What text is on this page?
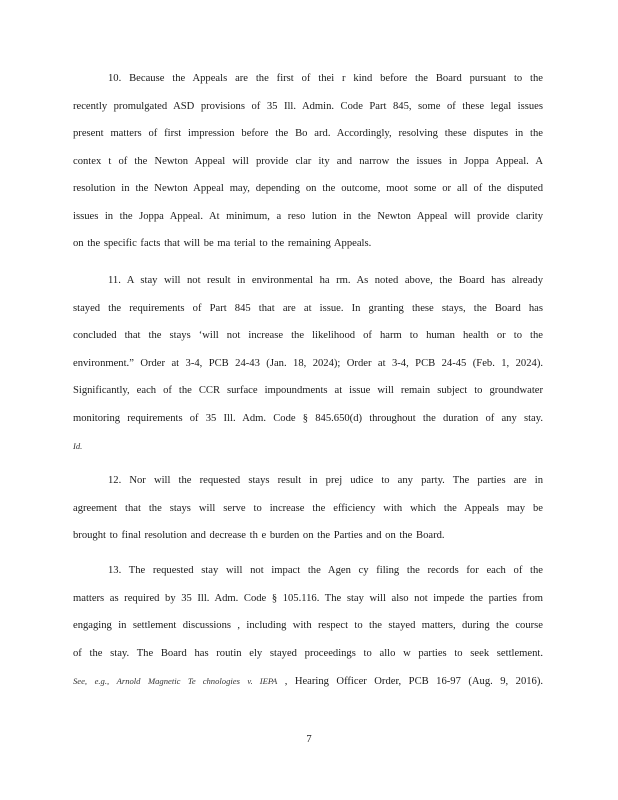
10. Because the Appeals are the first of thei r kind before the Board pursuant to the
recently promulgated ASD provisions of 35 Ill. Admin. Code Part 845, some of these legal issues
present matters of first impression before the Bo ard. Accordingly, resolving these disputes in the
contex t of the Newton Appeal will provide clar ity and narrow the issues in Joppa Appeal. A
resolution in the Newton Appeal may, depending on the outcome, moot some or all of the disputed
issues in the Joppa Appeal. At minimum, a reso lution in the Newton Appeal will provide clarity
on the specific facts that will be ma terial to the remaining Appeals.
11. A stay will not result in environmental ha rm. As noted above, the Board has already
stayed the requirements of Part 845 that are at issue. In granting these stays, the Board has
concluded that the stays ‘will not increase the likelihood of harm to human health or to the
environment.” Order at 3-4, PCB 24-43 (Jan. 18, 2024); Order at 3-4, PCB 24-45 (Feb. 1, 2024).
Significantly, each of the CCR surface impoundments at issue will remain subject to groundwater
monitoring requirements of 35 Ill. Adm. Code § 845.650(d) throughout the duration of any stay.
Id.
12. Nor will the requested stays result in prej udice to any party. The parties are in
agreement that the stays will serve to increase the efficiency with which the Appeals may be
brought to final resolution and decrease th e burden on the Parties and on the Board.
13. The requested stay will not impact the Agen cy filing the records for each of the
matters as required by 35 Ill. Adm. Code § 105.116. The stay will also not impede the parties from
engaging in settlement discussions , including with respect to the stayed matters, during the course
of the stay. The Board has routin ely stayed proceedings to allo w parties to seek settlement.
See, e.g., Arnold Magnetic Te chnologies v. IEPA , Hearing Officer Order, PCB 16-97 (Aug. 9, 2016).
7
